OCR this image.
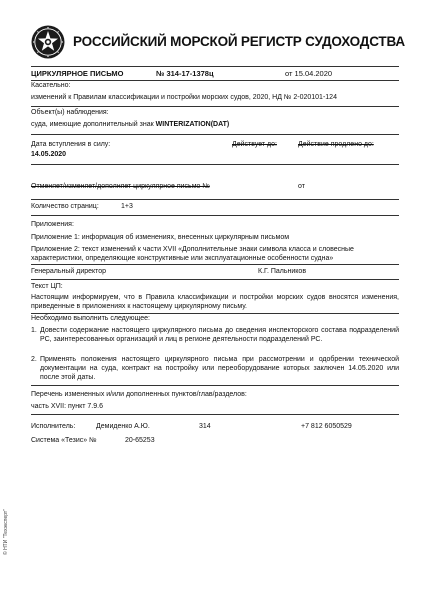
РОССИЙСКИЙ МОРСКОЙ РЕГИСТР СУДОХОДСТВА
ЦИРКУЛЯРНОЕ ПИСЬМО	№ 314-17-1378ц	от 15.04.2020
Касательно:
изменений к Правилам классификации и постройки морских судов, 2020, НД № 2-020101-124
Объект(ы) наблюдения:
суда, имеющие дополнительный знак WINTERIZATION(DAT)
Дата вступления в силу:
14.05.2020
Действует до:	Действие продлено до:
Отменяет/изменяет/дополняет циркулярное письмо №	от
Количество страниц:	1+3
Приложения:
Приложение 1: информация об изменениях, внесенных циркулярным письмом
Приложение 2: текст изменений к части XVII «Дополнительные знаки символа класса и словесные характеристики, определяющие конструктивные или эксплуатационные особенности судна»
Генеральный директор	К.Г. Пальников
Текст ЦП:
Настоящим информируем, что в Правила классификации и постройки морских судов вносятся изменения, приведенные в приложениях к настоящему циркулярному письму.
Необходимо выполнить следующее:
1. Довести содержание настоящего циркулярного письма до сведения инспекторского состава подразделений РС, заинтересованных организаций и лиц в регионе деятельности подразделений РС.
2. Применять положения настоящего циркулярного письма при рассмотрении и одобрении технической документации на суда, контракт на постройку или переоборудование которых заключен 14.05.2020 или после этой даты.
Перечень измененных и/или дополненных пунктов/глав/разделов:
часть XVII: пункт 7.9.6
Исполнитель:	Демиденко А.Ю.	314	+7 812 6050529
Система «Тезис» №	20-65253
© НТИ "Техэксперт"
